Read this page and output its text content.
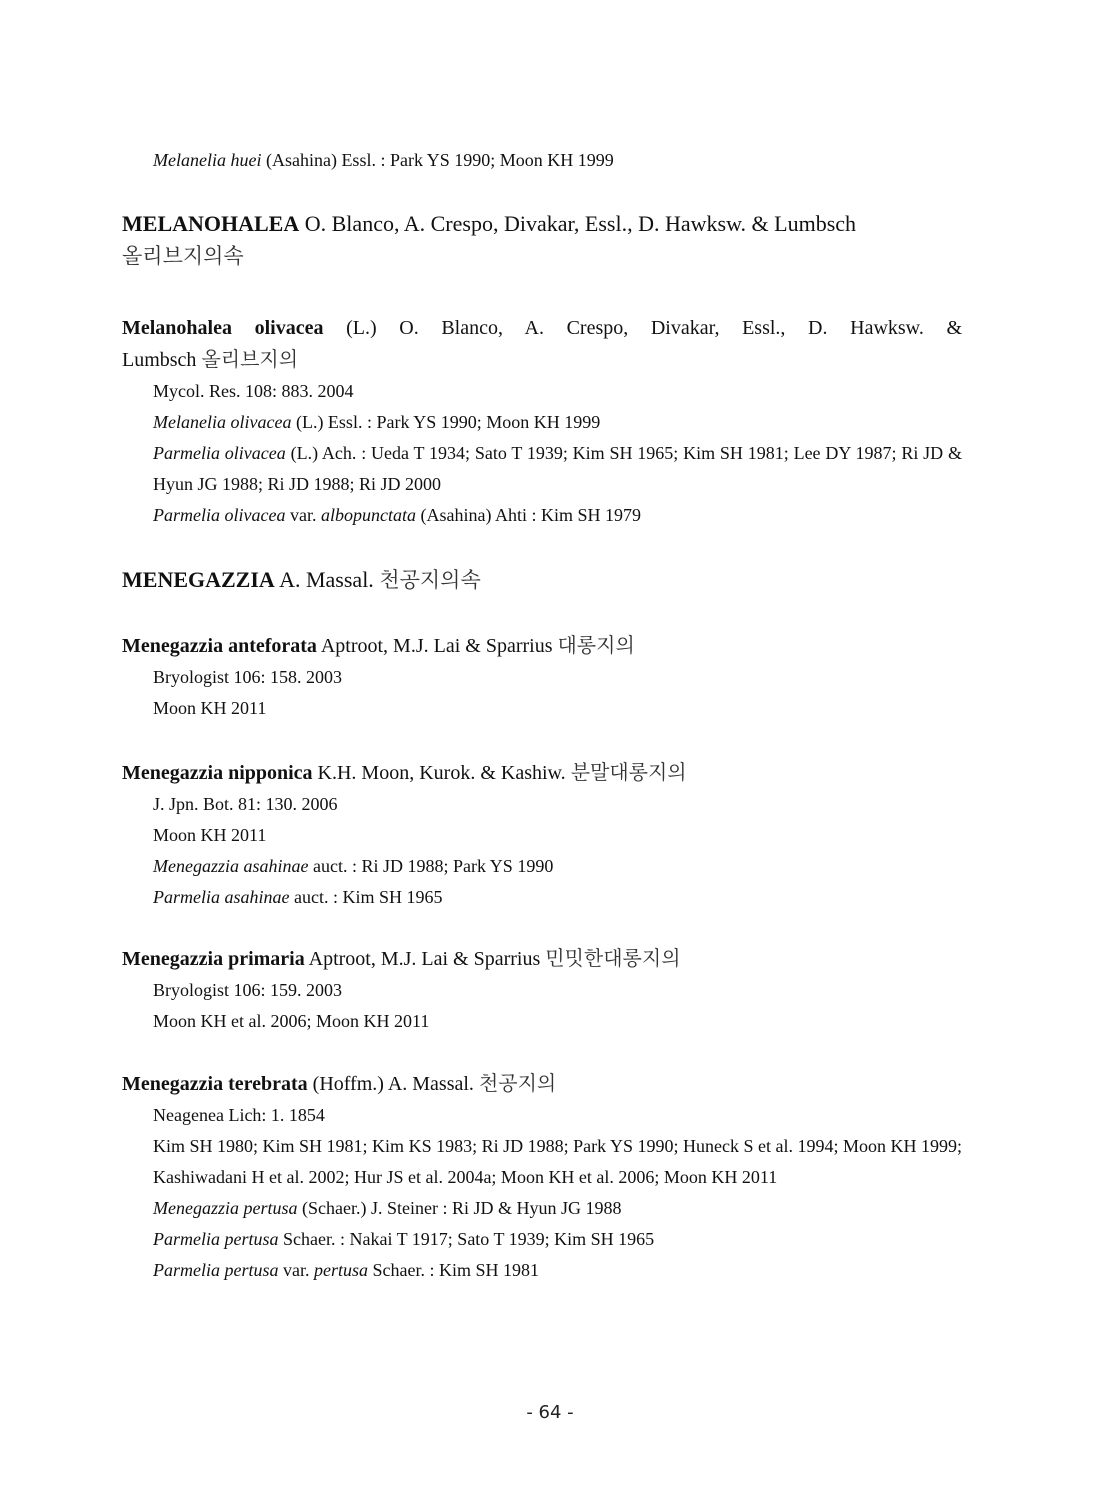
Melanelia huei (Asahina) Essl. : Park YS 1990; Moon KH 1999
MELANOHALEA O. Blanco, A. Crespo, Divakar, Essl., D. Hawksw. & Lumbsch
올리브지의속
Melanohalea olivacea (L.) O. Blanco, A. Crespo, Divakar, Essl., D. Hawksw. &
Lumbsch 올리브지의
Mycol. Res. 108: 883. 2004
Melanelia olivacea (L.) Essl. : Park YS 1990; Moon KH 1999
Parmelia olivacea (L.) Ach. : Ueda T 1934; Sato T 1939; Kim SH 1965; Kim SH 1981; Lee DY 1987; Ri JD & Hyun JG 1988; Ri JD 1988; Ri JD 2000
Parmelia olivacea var. albopunctata (Asahina) Ahti : Kim SH 1979
MENEGAZZIA A. Massal. 천공지의속
Menegazzia anteforata Aptroot, M.J. Lai & Sparrius 대롱지의
Bryologist 106: 158. 2003
Moon KH 2011
Menegazzia nipponica K.H. Moon, Kurok. & Kashiw. 분말대롱지의
J. Jpn. Bot. 81: 130. 2006
Moon KH 2011
Menegazzia asahinae auct. : Ri JD 1988; Park YS 1990
Parmelia asahinae auct. : Kim SH 1965
Menegazzia primaria Aptroot, M.J. Lai & Sparrius 민밋한대롱지의
Bryologist 106: 159. 2003
Moon KH et al. 2006; Moon KH 2011
Menegazzia terebrata (Hoffm.) A. Massal. 천공지의
Neagenea Lich: 1. 1854
Kim SH 1980; Kim SH 1981; Kim KS 1983; Ri JD 1988; Park YS 1990; Huneck S et al. 1994; Moon KH 1999; Kashiwadani H et al. 2002; Hur JS et al. 2004a; Moon KH et al. 2006; Moon KH 2011
Menegazzia pertusa (Schaer.) J. Steiner : Ri JD & Hyun JG 1988
Parmelia pertusa Schaer. : Nakai T 1917; Sato T 1939; Kim SH 1965
Parmelia pertusa var. pertusa Schaer. : Kim SH 1981
- 64 -
